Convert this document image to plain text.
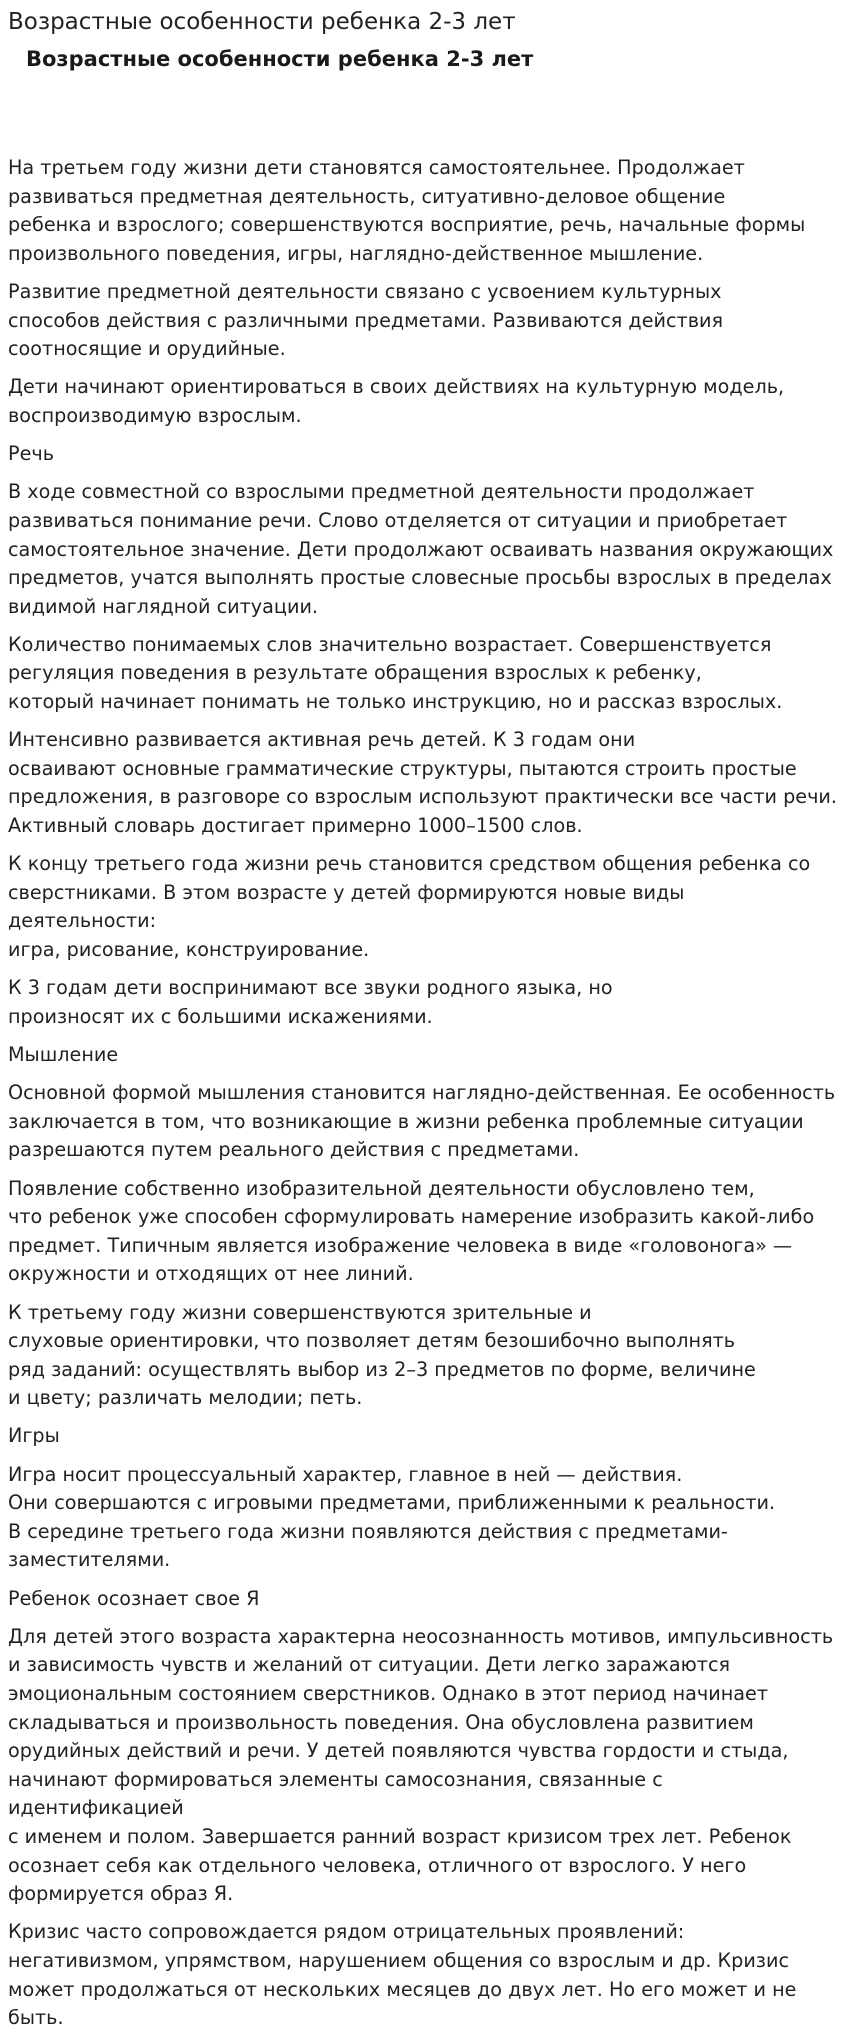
Возрастные особенности ребенка 2-3 лет
Возрастные особенности ребенка 2-3 лет

На третьем году жизни дети становятся самостоятельнее. Продолжает
развиваться предметная деятельность, ситуативно-деловое общение
ребенка и взрослого; совершенствуются восприятие, речь, начальные формы
произвольного поведения, игры, наглядно-действенное мышление.

Развитие предметной деятельности связано с усвоением культурных
способов действия с различными предметами. Развиваются действия
соотносящие и орудийные.

Дети начинают ориентироваться в своих действиях на культурную модель,
воспроизводимую взрослым.

Речь

В ходе совместной со взрослыми предметной деятельности продолжает
развиваться понимание речи. Слово отделяется от ситуации и приобретает
самостоятельное значение. Дети продолжают осваивать названия окружающих
предметов, учатся выполнять простые словесные просьбы взрослых в пределах
видимой наглядной ситуации.

Количество понимаемых слов значительно возрастает. Совершенствуется
регуляция поведения в результате обращения взрослых к ребенку,
который начинает понимать не только инструкцию, но и рассказ взрослых.

Интенсивно развивается активная речь детей. К 3 годам они
осваивают основные грамматические структуры, пытаются строить простые
предложения, в разговоре со взрослым используют практически все части речи.
Активный словарь достигает примерно 1000–1500 слов.

К концу третьего года жизни речь становится средством общения ребенка со
сверстниками. В этом возрасте у детей формируются новые виды деятельности:
игра, рисование, конструирование.

К 3 годам дети воспринимают все звуки родного языка, но
произносят их с большими искажениями.

Мышление

Основной формой мышления становится наглядно-действенная. Ее особенность
заключается в том, что возникающие в жизни ребенка проблемные ситуации
разрешаются путем реального действия с предметами.

Появление собственно изобразительной деятельности обусловлено тем,
что ребенок уже способен сформулировать намерение изобразить какой-либо
предмет. Типичным является изображение человека в виде «головонога» —
окружности и отходящих от нее линий.

К третьему году жизни совершенствуются зрительные и
слуховые ориентировки, что позволяет детям безошибочно выполнять
ряд заданий: осуществлять выбор из 2–3 предметов по форме, величине
и цвету; различать мелодии; петь.

Игры

Игра носит процессуальный характер, главное в ней — действия.
Они совершаются с игровыми предметами, приближенными к реальности.
В середине третьего года жизни появляются действия с предметами-
заместителями.

Ребенок осознает свое Я

Для детей этого возраста характерна неосознанность мотивов, импульсивность
и зависимость чувств и желаний от ситуации. Дети легко заражаются
эмоциональным состоянием сверстников. Однако в этот период начинает
складываться и произвольность поведения. Она обусловлена развитием
орудийных действий и речи. У детей появляются чувства гордости и стыда,
начинают формироваться элементы самосознания, связанные с идентификацией
с именем и полом. Завершается ранний возраст кризисом трех лет. Ребенок
осознает себя как отдельного человека, отличного от взрослого. У него
формируется образ Я.

Кризис часто сопровождается рядом отрицательных проявлений:
негативизмом, упрямством, нарушением общения со взрослым и др. Кризис
может продолжаться от нескольких месяцев до двух лет. Но его может и не
быть.
